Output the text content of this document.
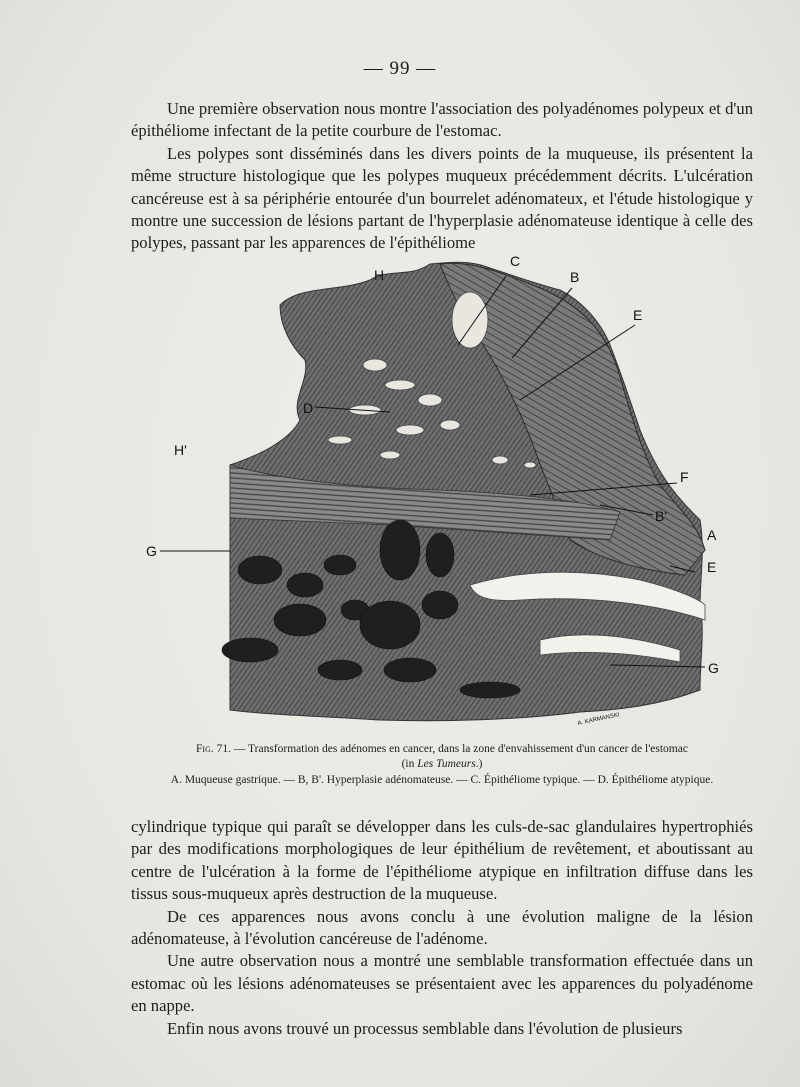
— 99 —

Une première observation nous montre l'association des polyadénomes polypeux et d'un épithéliome infectant de la petite courbure de l'estomac.

Les polypes sont disséminés dans les divers points de la muqueuse, ils présentent la même structure histologique que les polypes muqueux précédemment décrits. L'ulcération cancéreuse est à sa périphérie entourée d'un bourrelet adénomateux, et l'étude histologique y montre une succession de lésions partant de l'hyperplasie adénomateuse identique à celle des polypes, passant par les apparences de l'épithéliome

H
C
B
E
D
H'
F
B'
A
E
G
G
A. KARMANSKI
Fig. 71. — Transformation des adénomes en cancer, dans la zone d'envahissement d'un cancer de l'estomac
(in Les Tumeurs.)
A. Muqueuse gastrique. — B, B'. Hyperplasie adénomateuse. — C. Épithéliome typique. — D. Épithéliome atypique.

cylindrique typique qui paraît se développer dans les culs-de-sac glandulaires hypertrophiés par des modifications morphologiques de leur épithélium de revêtement, et aboutissant au centre de l'ulcération à la forme de l'épithéliome atypique en infiltration diffuse dans les tissus sous-muqueux après destruction de la muqueuse.

De ces apparences nous avons conclu à une évolution maligne de la lésion adénomateuse, à l'évolution cancéreuse de l'adénome.

Une autre observation nous a montré une semblable transformation effectuée dans un estomac où les lésions adénomateuses se présentaient avec les apparences du polyadénome en nappe.

Enfin nous avons trouvé un processus semblable dans l'évolution de plusieurs
